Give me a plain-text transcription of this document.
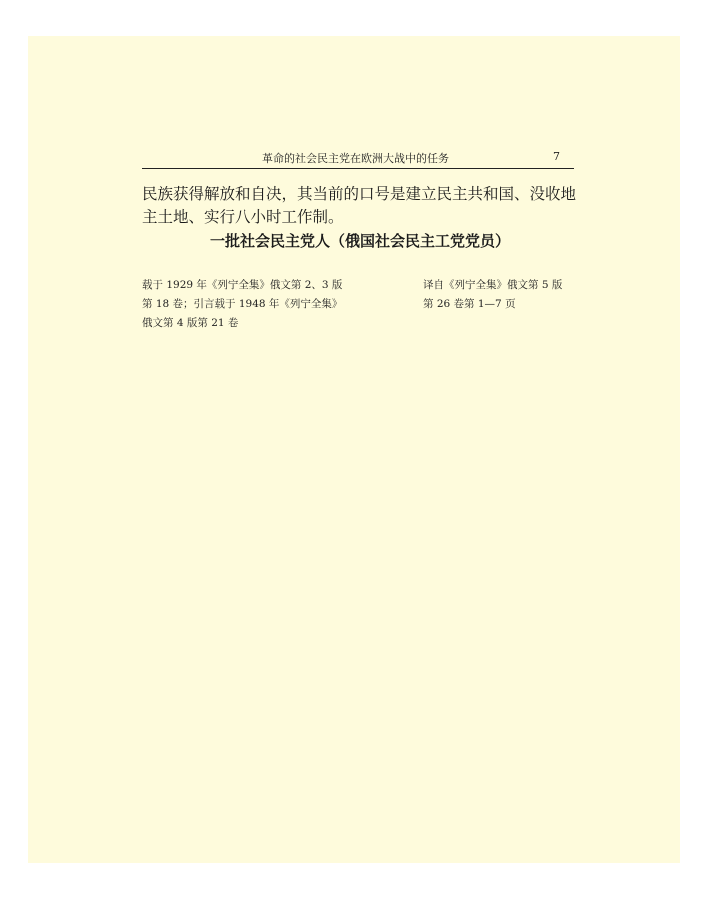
革命的社会民主党在欧洲大战中的任务	7
民族获得解放和自决，其当前的口号是建立民主共和国、没收地
主土地、实行八小时工作制。
一批社会民主党人（俄国社会民主工党党员）
载于 1929 年《列宁全集》俄文第 2、3 版
第 18 卷；引言载于 1948 年《列宁全集》
俄文第 4 版第 21 卷
译自《列宁全集》俄文第 5 版
第 26 卷第 1—7 页
